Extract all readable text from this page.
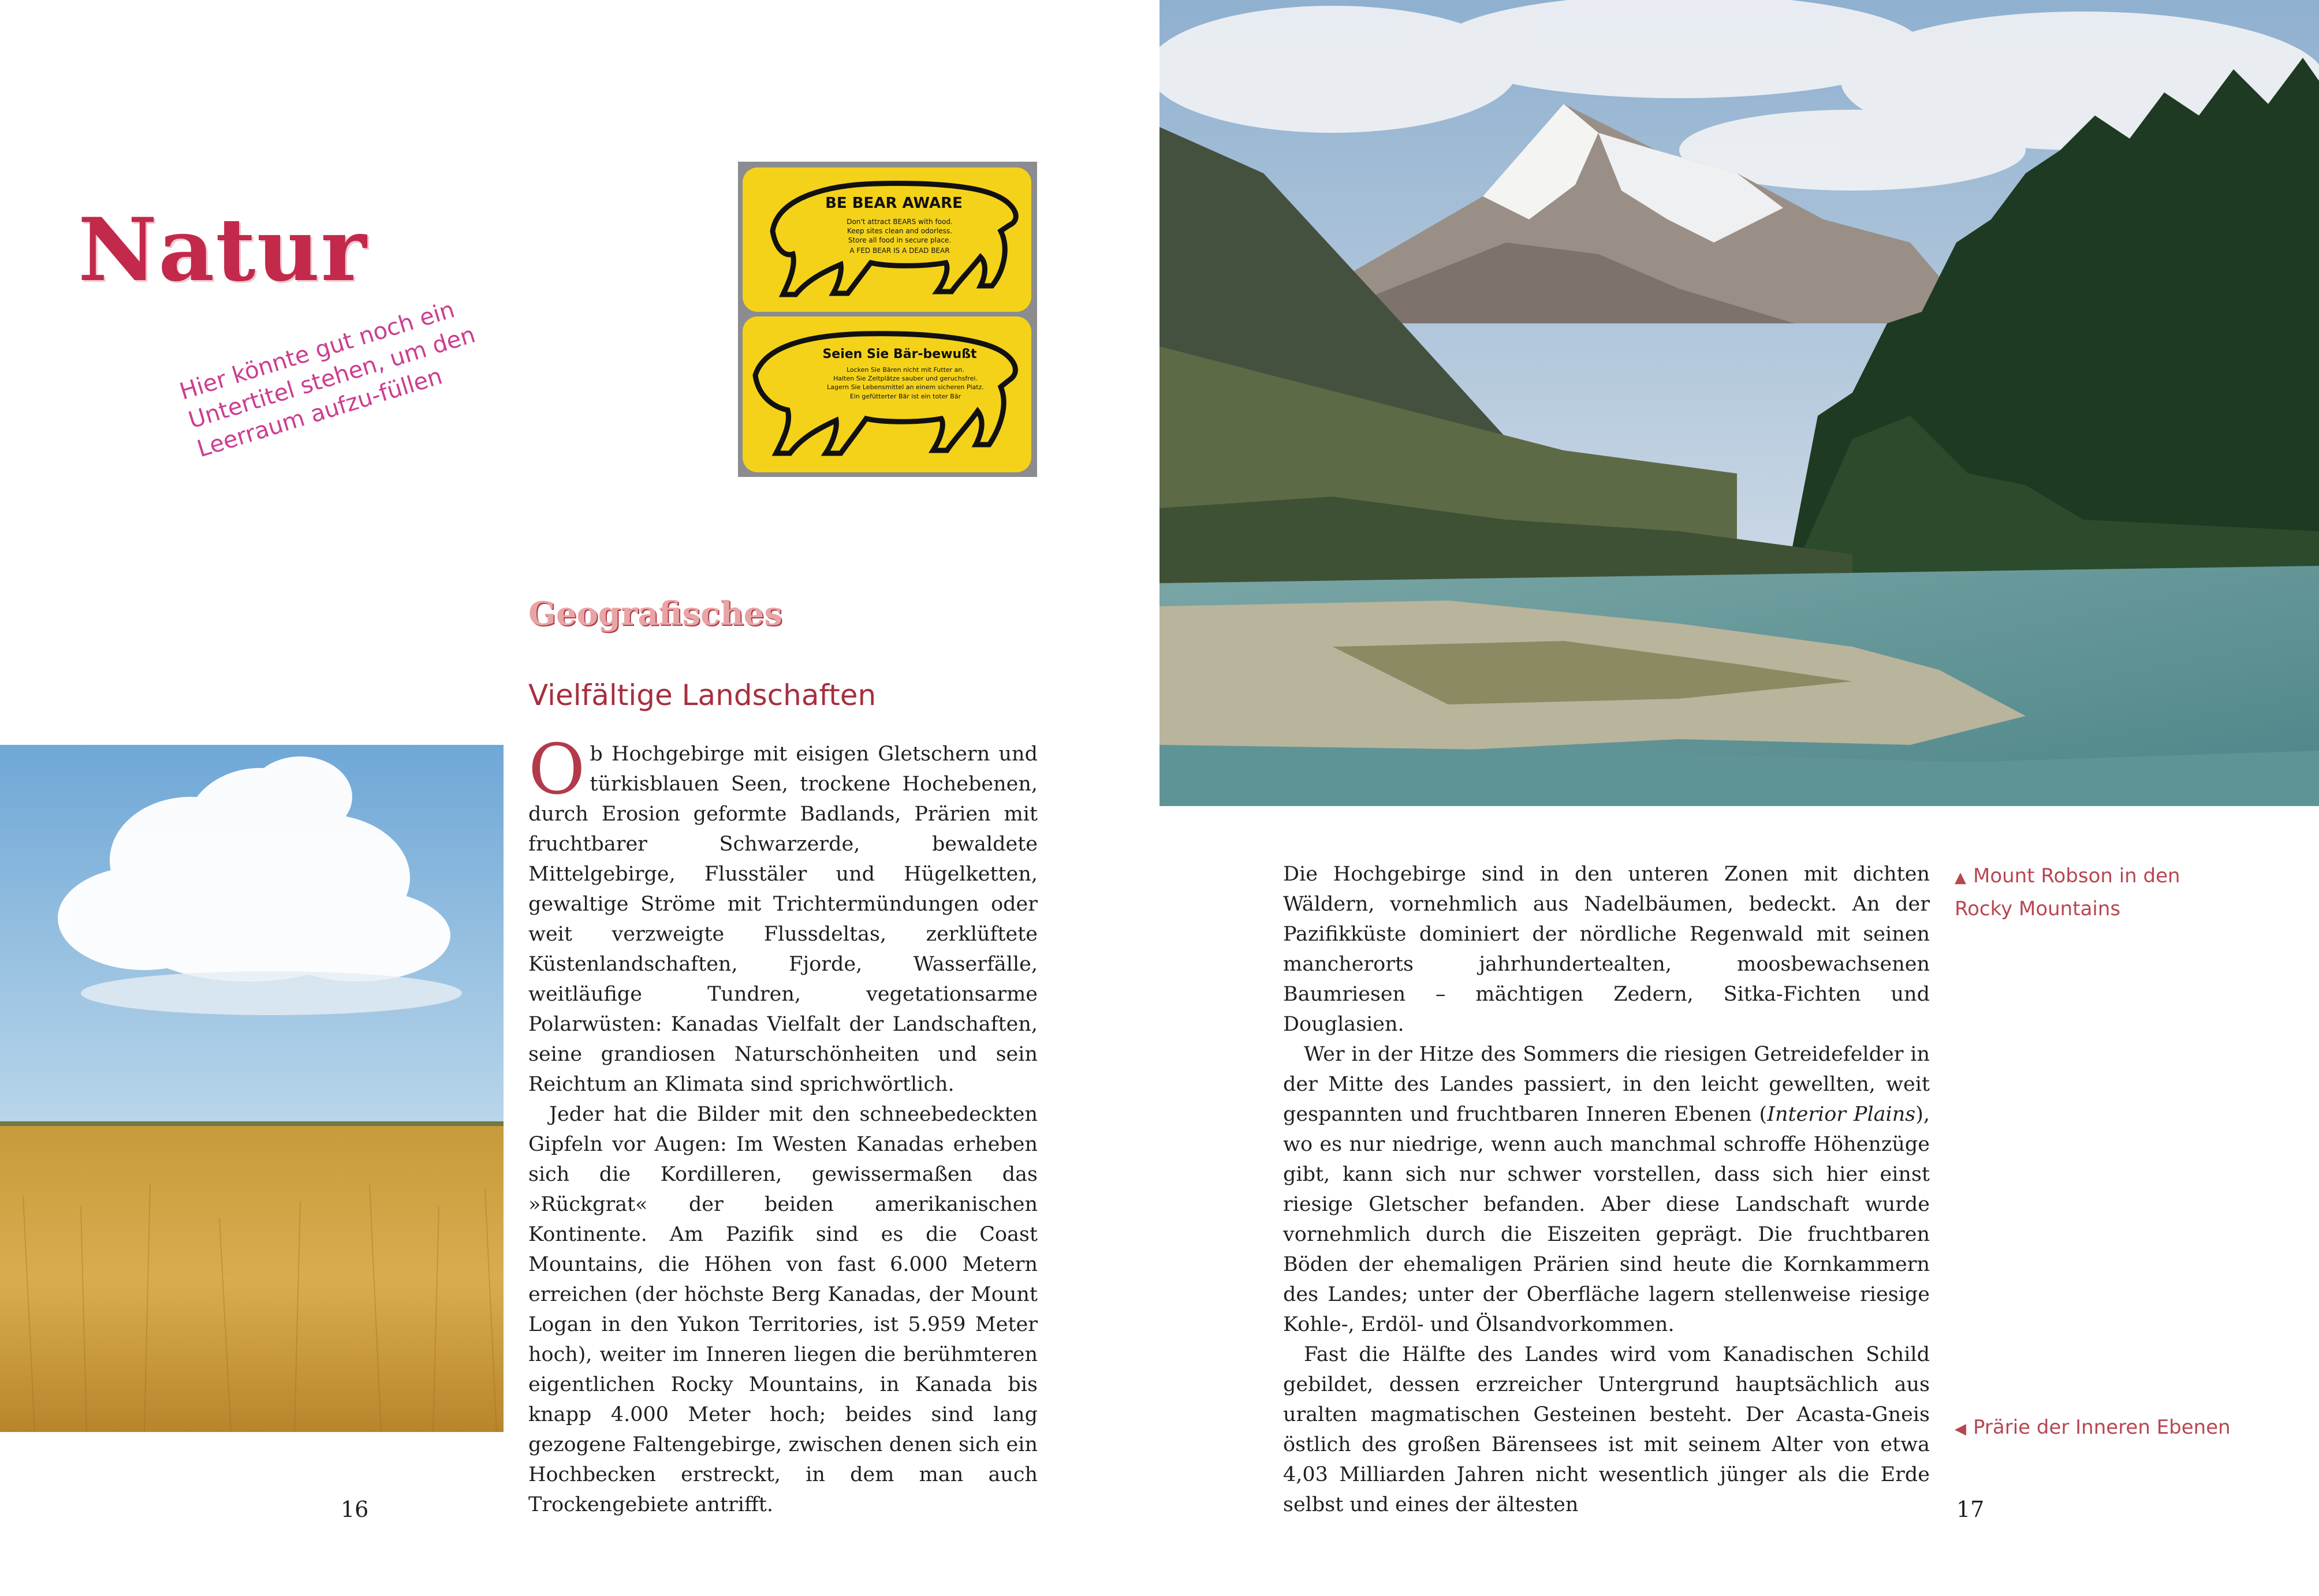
Natur
Hier könnte gut noch ein Untertitel stehen, um den Leerraum aufzu-füllen
BE BEAR AWARE
Don't attract BEARS with food.
Keep sites clean and odorless.
Store all food in secure place.
A FED BEAR IS A DEAD BEAR
Seien Sie Bär-bewußt
Locken Sie Bären nicht mit Futter an.
Halten Sie Zeltplätze sauber und geruchsfrei.
Lagern Sie Lebensmittel an einem sicheren Platz.
Ein gefütterter Bär ist ein toter Bär
Geografisches
Vielfältige Landschaften

Ob Hochgebirge mit eisigen Gletschern und türkisblauen Seen, trockene Hochebenen, durch Erosion geformte Badlands, Prärien mit fruchtbarer Schwarzerde, bewaldete Mittelgebirge, Flusstäler und Hügelketten, gewaltige Ströme mit Trichtermündungen oder weit verzweigte Flussdeltas, zerklüftete Küstenlandschaften, Fjorde, Wasserfälle, weitläufige Tundren, vegetationsarme Polarwüsten: Kanadas Vielfalt der Landschaften, seine grandiosen Naturschönheiten und sein Reichtum an Klimata sind sprichwörtlich.

Jeder hat die Bilder mit den schneebedeckten Gipfeln vor Augen: Im Westen Kanadas erheben sich die Kordilleren, gewissermaßen das »Rückgrat« der beiden amerikanischen Kontinente. Am Pazifik sind es die Coast Mountains, die Höhen von fast 6.000 Metern erreichen (der höchste Berg Kanadas, der Mount Logan in den Yukon Territories, ist 5.959 Meter hoch), weiter im Inneren liegen die berühmteren eigentlichen Rocky Mountains, in Kanada bis knapp 4.000 Meter hoch; beides sind lang gezogene Faltengebirge, zwischen denen sich ein Hochbecken erstreckt, in dem man auch Trockengebiete antrifft.

16

Die Hochgebirge sind in den unteren Zonen mit dichten Wäldern, vornehmlich aus Nadelbäumen, bedeckt. An der Pazifikküste dominiert der nördliche Regenwald mit seinen mancherorts jahrhundertealten, moosbewachsenen Baumriesen – mächtigen Zedern, Sitka-Fichten und Douglasien.

Wer in der Hitze des Sommers die riesigen Getreidefelder in der Mitte des Landes passiert, in den leicht gewellten, weit gespannten und fruchtbaren Inneren Ebenen (Interior Plains), wo es nur niedrige, wenn auch manchmal schroffe Höhenzüge gibt, kann sich nur schwer vorstellen, dass sich hier einst riesige Gletscher befanden. Aber diese Landschaft wurde vornehmlich durch die Eiszeiten geprägt. Die fruchtbaren Böden der ehemaligen Prärien sind heute die Kornkammern des Landes; unter der Oberfläche lagern stellenweise riesige Kohle-, Erdöl- und Ölsandvorkommen.

Fast die Hälfte des Landes wird vom Kanadischen Schild gebildet, dessen erzreicher Untergrund hauptsächlich aus uralten magmatischen Gesteinen besteht. Der Acasta-Gneis östlich des großen Bärensees ist mit seinem Alter von etwa 4,03 Milliarden Jahren nicht wesentlich jünger als die Erde selbst und eines der ältesten

▲ Mount Robson in den Rocky Mountains
◀ Prärie der Inneren Ebenen
17
